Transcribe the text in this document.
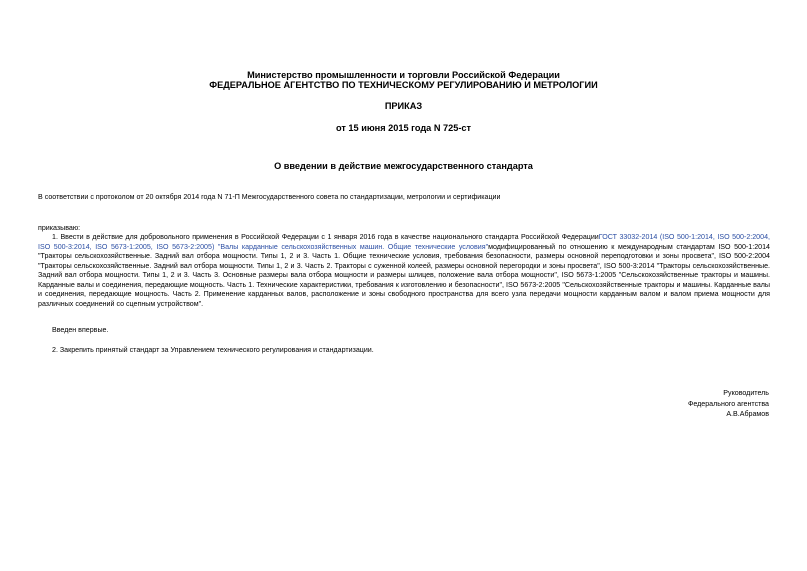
Министерство промышленности и торговли Российской Федерации
ФЕДЕРАЛЬНОЕ АГЕНТСТВО ПО ТЕХНИЧЕСКОМУ РЕГУЛИРОВАНИЮ И МЕТРОЛОГИИ
ПРИКАЗ
от 15 июня 2015 года N 725-ст
О введении в действие межгосударственного стандарта
В соответствии с протоколом от 20 октября 2014 года N 71-П Межгосударственного совета по стандартизации, метрологии и сертификации
приказываю:
1. Ввести в действие для добровольного применения в Российской Федерации с 1 января 2016 года в качестве национального стандарта Российской ФедерацииГОСТ 33032-2014 (ISO 500-1:2014, ISO 500-2:2004, ISO 500-3:2014, ISO 5673-1:2005, ISO 5673-2:2005) "Валы карданные сельскохозяйственных машин. Общие технические условия"модифицированный по отношению к международным стандартам ISO 500-1:2014 "Тракторы сельскохозяйственные. Задний вал отбора мощности. Типы 1, 2 и 3. Часть 1. Общие технические условия, требования безопасности, размеры основной переподготовки и зоны просвета", ISO 500-2:2004 "Тракторы сельскохозяйственные. Задний вал отбора мощности. Типы 1, 2 и 3. Часть 2. Тракторы с суженной колеей, размеры основной перегородки и зоны просвета", ISO 500-3:2014 "Тракторы сельскохозяйственные. Задний вал отбора мощности. Типы 1, 2 и 3. Часть 3. Основные размеры вала отбора мощности и размеры шлицев, положение вала отбора мощности", ISO 5673-1:2005 "Сельскохозяйственные тракторы и машины. Карданные валы и соединения, передающие мощность. Часть 1. Технические характеристики, требования к изготовлению и безопасности", ISO 5673-2:2005 "Сельскохозяйственные тракторы и машины. Карданные валы и соединения, передающие мощность. Часть 2. Применение карданных валов, расположение и зоны свободного пространства для всего узла передачи мощности карданным валом и валом приема мощности для различных соединений со сцепным устройством".
Введен впервые.
2. Закрепить принятый стандарт за Управлением технического регулирования и стандартизации.
Руководитель
Федерального агентства
А.В.Абрамов
